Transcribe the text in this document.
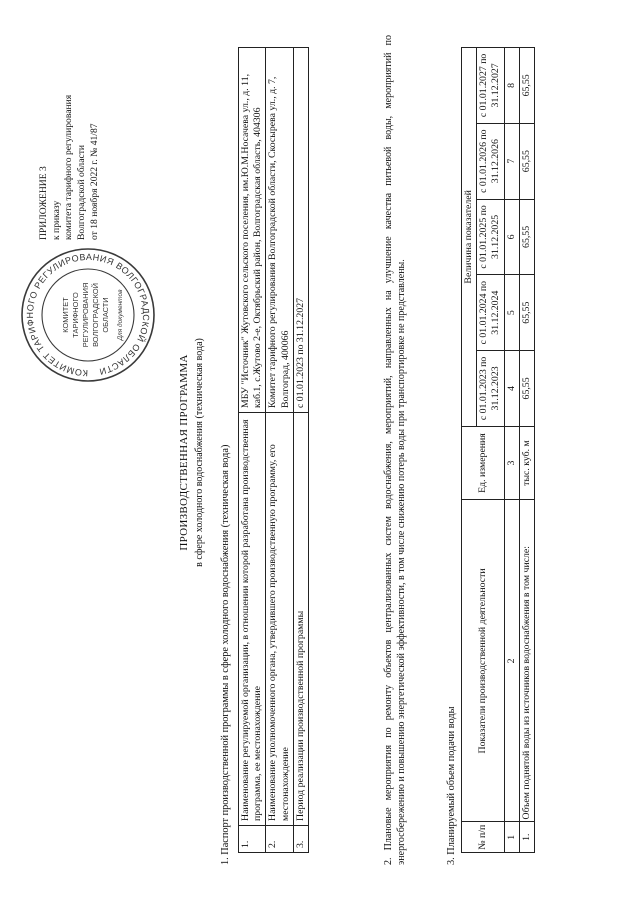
КОМИТЕТ ТАРИФНОГО РЕГУЛИРОВАНИЯ ВОЛГОГРАДСКОЙ ОБЛАСТИ
КОМИТЕТ ТАРИФНОГО РЕГУЛИРОВАНИЯ ВОЛГОГРАДСКОЙ ОБЛАСТИ Для документов
ПРИЛОЖЕНИЕ 3 к приказу комитета тарифного регулирования Волгоградской области от 18 ноября 2022 г. № 41/87
ПРОИЗВОДСТВЕННАЯ ПРОГРАММА в сфере холодного водоснабжения (техническая вода) 1. Паспорт производственной программы в сфере холодного водоснабжения (техническая вода) 1.	Наименование регулируемой организации, в отношении которой разработана производственная программа, ее местонахождение	МБУ "Источник" Жутовского сельского поселения, им.Ю.М.Носачева ул., д. 11, каб.1, с.Жутово 2-е, Октябрьский район, Волгоградская область, 404306
2.	Наименование уполномоченного органа, утвердившего производственную программу, его местонахождение	Комитет тарифного регулирования Волгоградской области, Скосырева ул., д. 7, Волгоград, 400066
3.	Период реализации производственной программы	с 01.01.2023 по 31.12.2027	2. Плановые мероприятия по ремонту объектов централизованных систем водоснабжения, мероприятий, направленных на улучшение качества питьевой воды, мероприятий по энергосбережению и повышению энергетической эффективности, в том числе снижению потерь воды при транспортировке не представлены.	3. Планируемый объем подачи воды № п/п	Показатели производственной деятельности	Ед. измерения	Величина показателей				
			с 01.01.2023 по 31.12.2023	с 01.01.2024 по 31.12.2024	с 01.01.2025 по 31.12.2025	с 01.01.2026 по 31.12.2026	с 01.01.2027 по 31.12.2027
1	2	3	4	5	6	7	8
1.	Объем поднятой воды из источников водоснабжения в том числе:	тыс. куб. м	65,55	65,55	65,55	65,55	65,55
